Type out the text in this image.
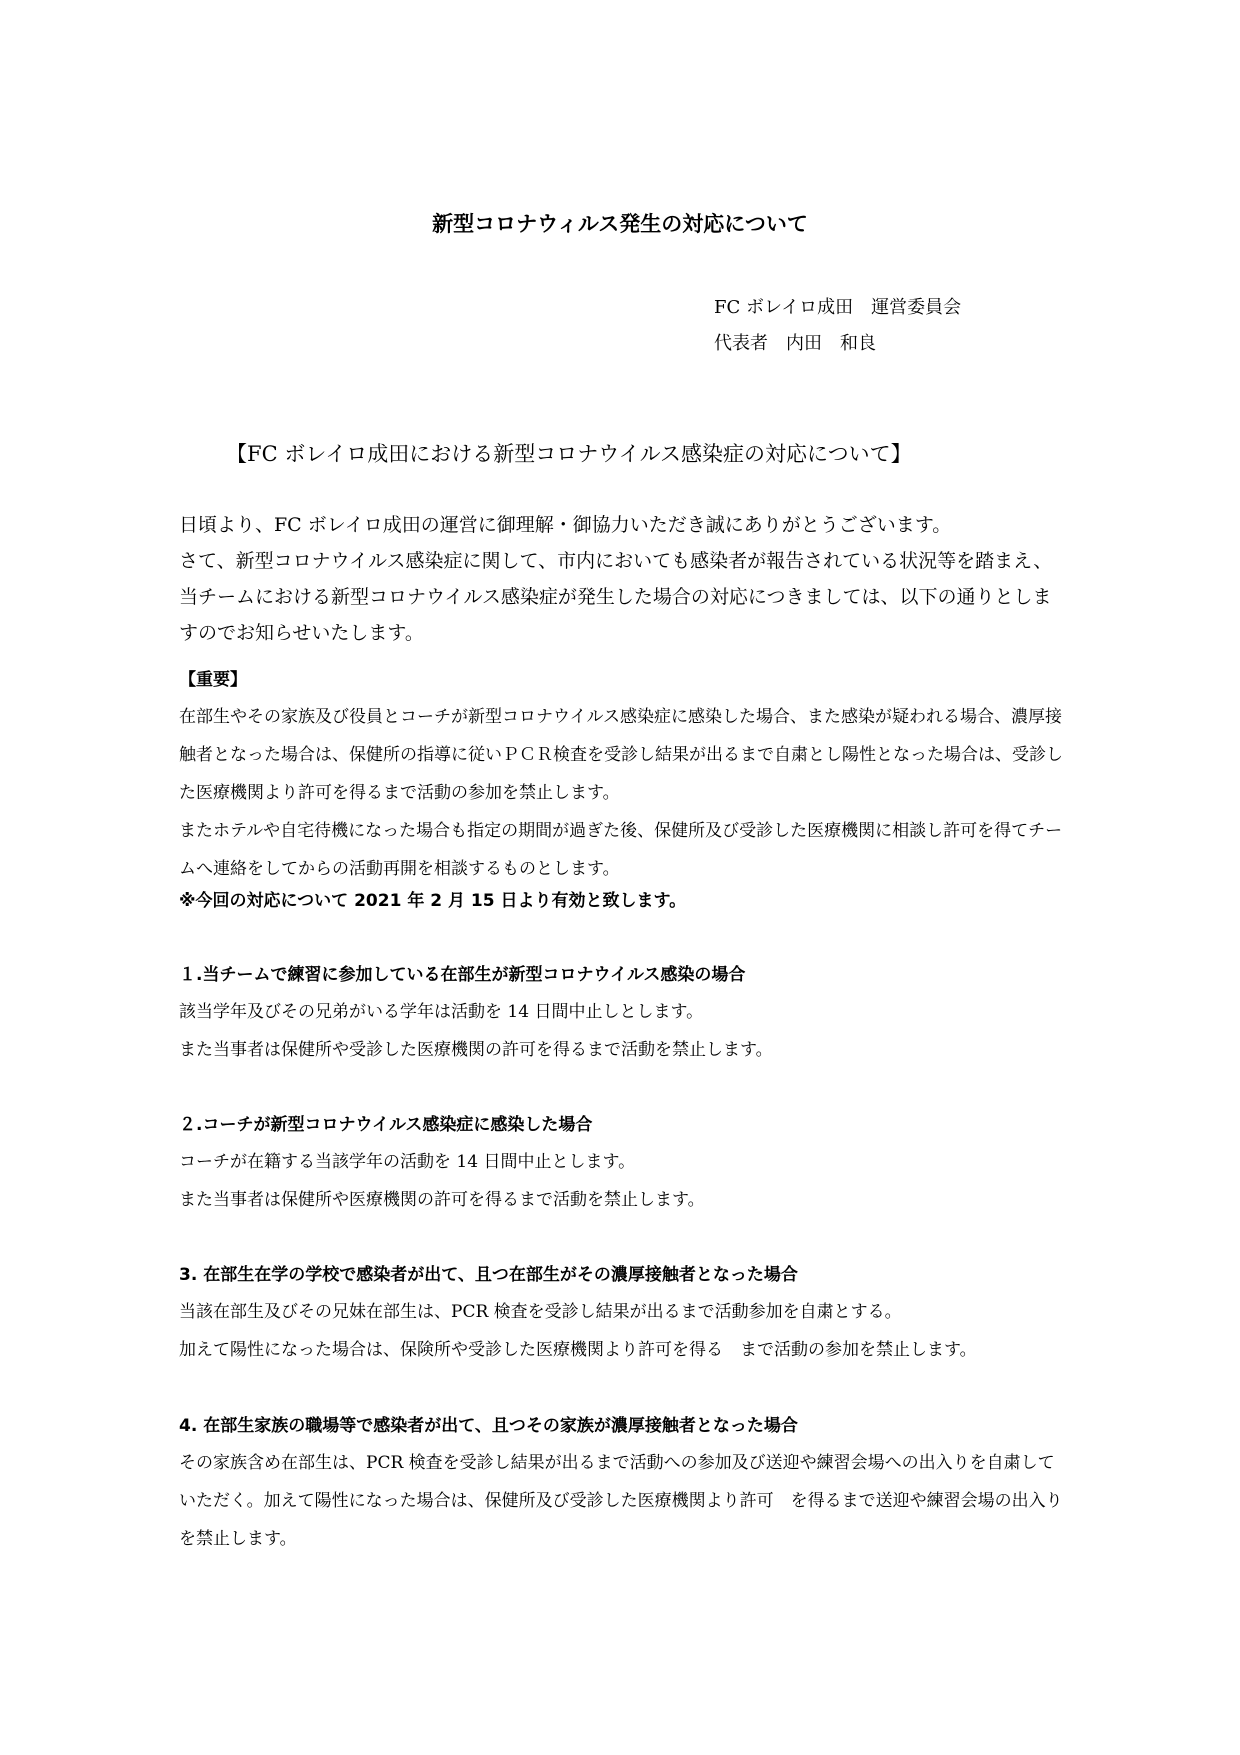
新型コロナウィルス発生の対応について
FC ボレイロ成田　運営委員会
代表者　内田　和良
【FC ボレイロ成田における新型コロナウイルス感染症の対応について】

日頃より、FC ボレイロ成田の運営に御理解・御協力いただき誠にありがとうございます。

さて、新型コロナウイルス感染症に関して、市内においても感染者が報告されている状況等を踏まえ、当チームにおける新型コロナウイルス感染症が発生した場合の対応につきましては、以下の通りとしますのでお知らせいたします。

【重要】

在部生やその家族及び役員とコーチが新型コロナウイルス感染症に感染した場合、また感染が疑われる場合、濃厚接触者となった場合は、保健所の指導に従いＰＣＲ検査を受診し結果が出るまで自粛とし陽性となった場合は、受診した医療機関より許可を得るまで活動の参加を禁止します。

またホテルや自宅待機になった場合も指定の期間が過ぎた後、保健所及び受診した医療機関に相談し許可を得てチームへ連絡をしてからの活動再開を相談するものとします。

※今回の対応について 2021 年 2 月 15 日より有効と致します。
１.当チームで練習に参加している在部生が新型コロナウイルス感染の場合

該当学年及びその兄弟がいる学年は活動を 14 日間中止しとします。

また当事者は保健所や受診した医療機関の許可を得るまで活動を禁止します。

２.コーチが新型コロナウイルス感染症に感染した場合

コーチが在籍する当該学年の活動を 14 日間中止とします。

また当事者は保健所や医療機関の許可を得るまで活動を禁止します。

3. 在部生在学の学校で感染者が出て、且つ在部生がその濃厚接触者となった場合

当該在部生及びその兄妹在部生は、PCR 検査を受診し結果が出るまで活動参加を自粛とする。

加えて陽性になった場合は、保険所や受診した医療機関より許可を得る　まで活動の参加を禁止します。

4. 在部生家族の職場等で感染者が出て、且つその家族が濃厚接触者となった場合

その家族含め在部生は、PCR 検査を受診し結果が出るまで活動への参加及び送迎や練習会場への出入りを自粛していただく。加えて陽性になった場合は、保健所及び受診した医療機関より許可　を得るまで送迎や練習会場の出入りを禁止します。
